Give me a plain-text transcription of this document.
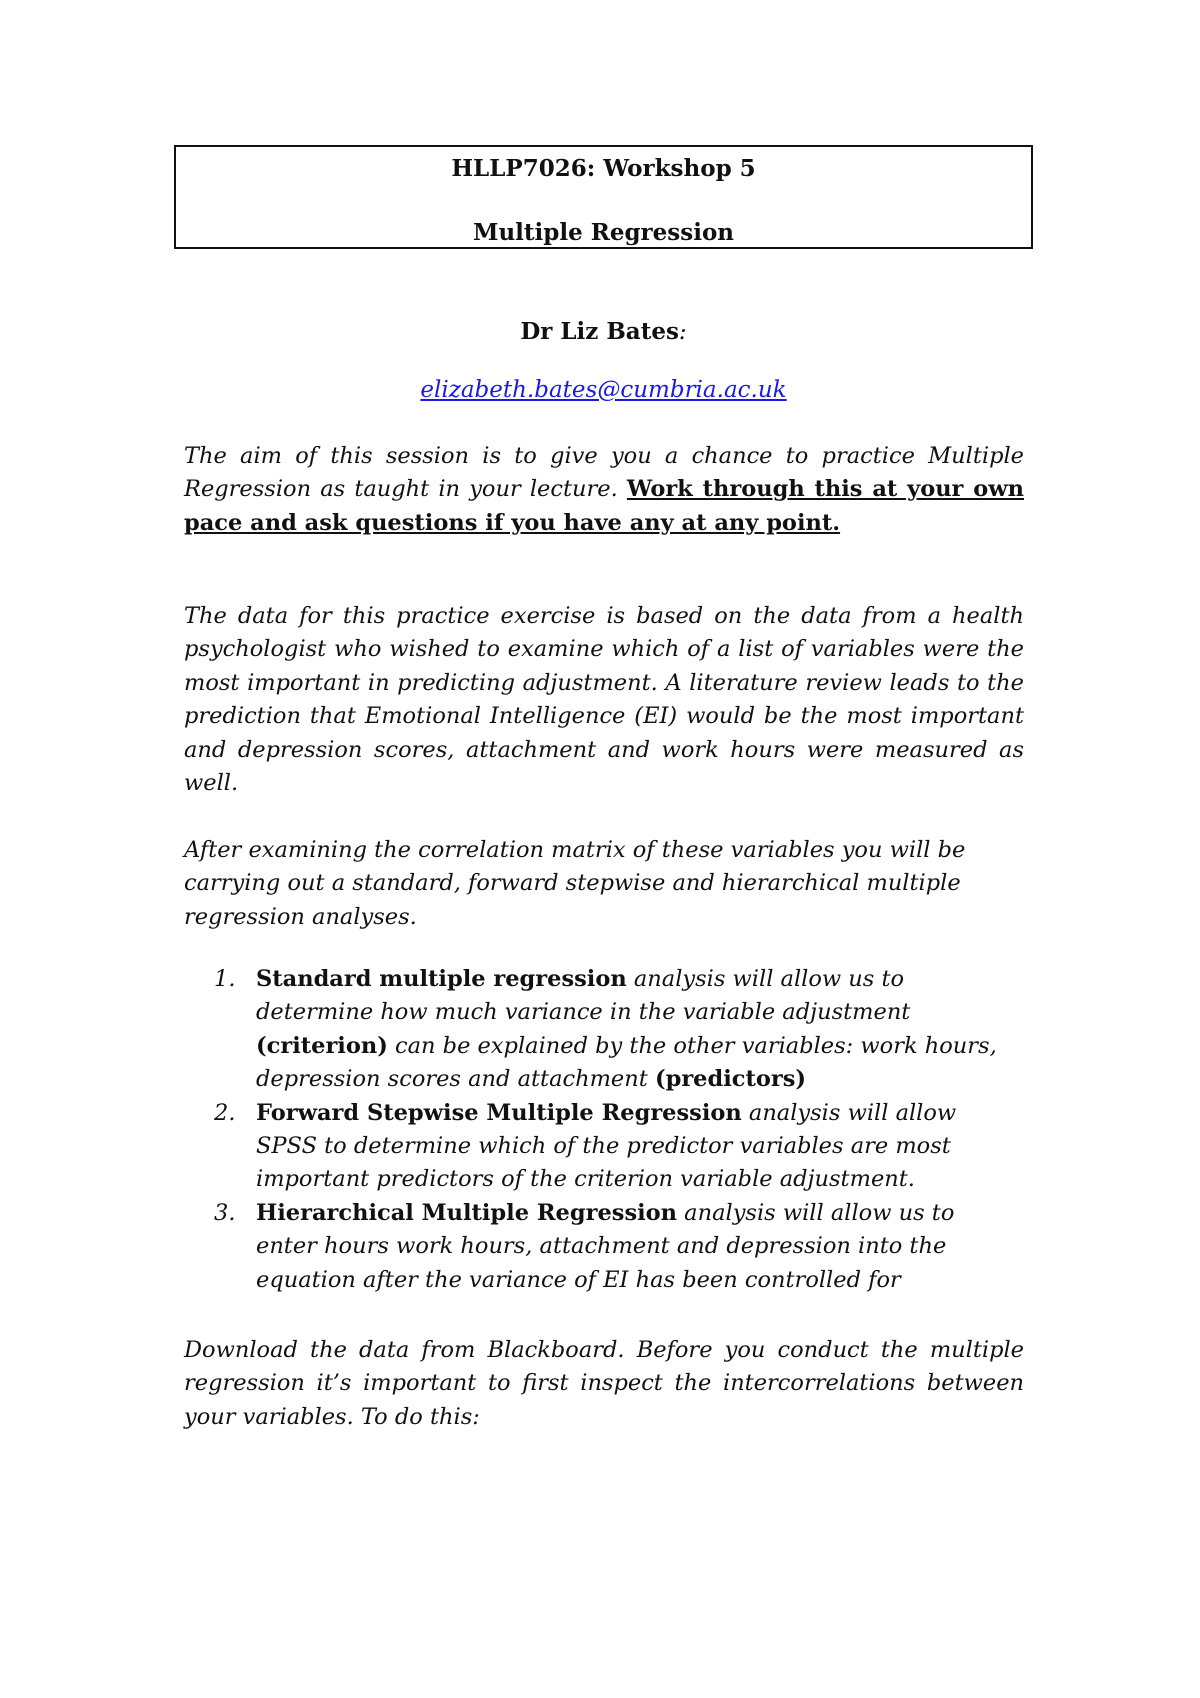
HLLP7026: Workshop 5
Multiple Regression
Dr Liz Bates:
elizabeth.bates@cumbria.ac.uk
The aim of this session is to give you a chance to practice Multiple Regression as taught in your lecture. Work through this at your own pace and ask questions if you have any at any point.
The data for this practice exercise is based on the data from a health psychologist who wished to examine which of a list of variables were the most important in predicting adjustment. A literature review leads to the prediction that Emotional Intelligence (EI) would be the most important and depression scores, attachment and work hours were measured as well.
After examining the correlation matrix of these variables you will be carrying out a standard, forward stepwise and hierarchical multiple regression analyses.
1. Standard multiple regression analysis will allow us to determine how much variance in the variable adjustment (criterion) can be explained by the other variables: work hours, depression scores and attachment (predictors)
2. Forward Stepwise Multiple Regression analysis will allow SPSS to determine which of the predictor variables are most important predictors of the criterion variable adjustment.
3. Hierarchical Multiple Regression analysis will allow us to enter hours work hours, attachment and depression into the equation after the variance of EI has been controlled for
Download the data from Blackboard. Before you conduct the multiple regression it’s important to first inspect the intercorrelations between your variables. To do this:
